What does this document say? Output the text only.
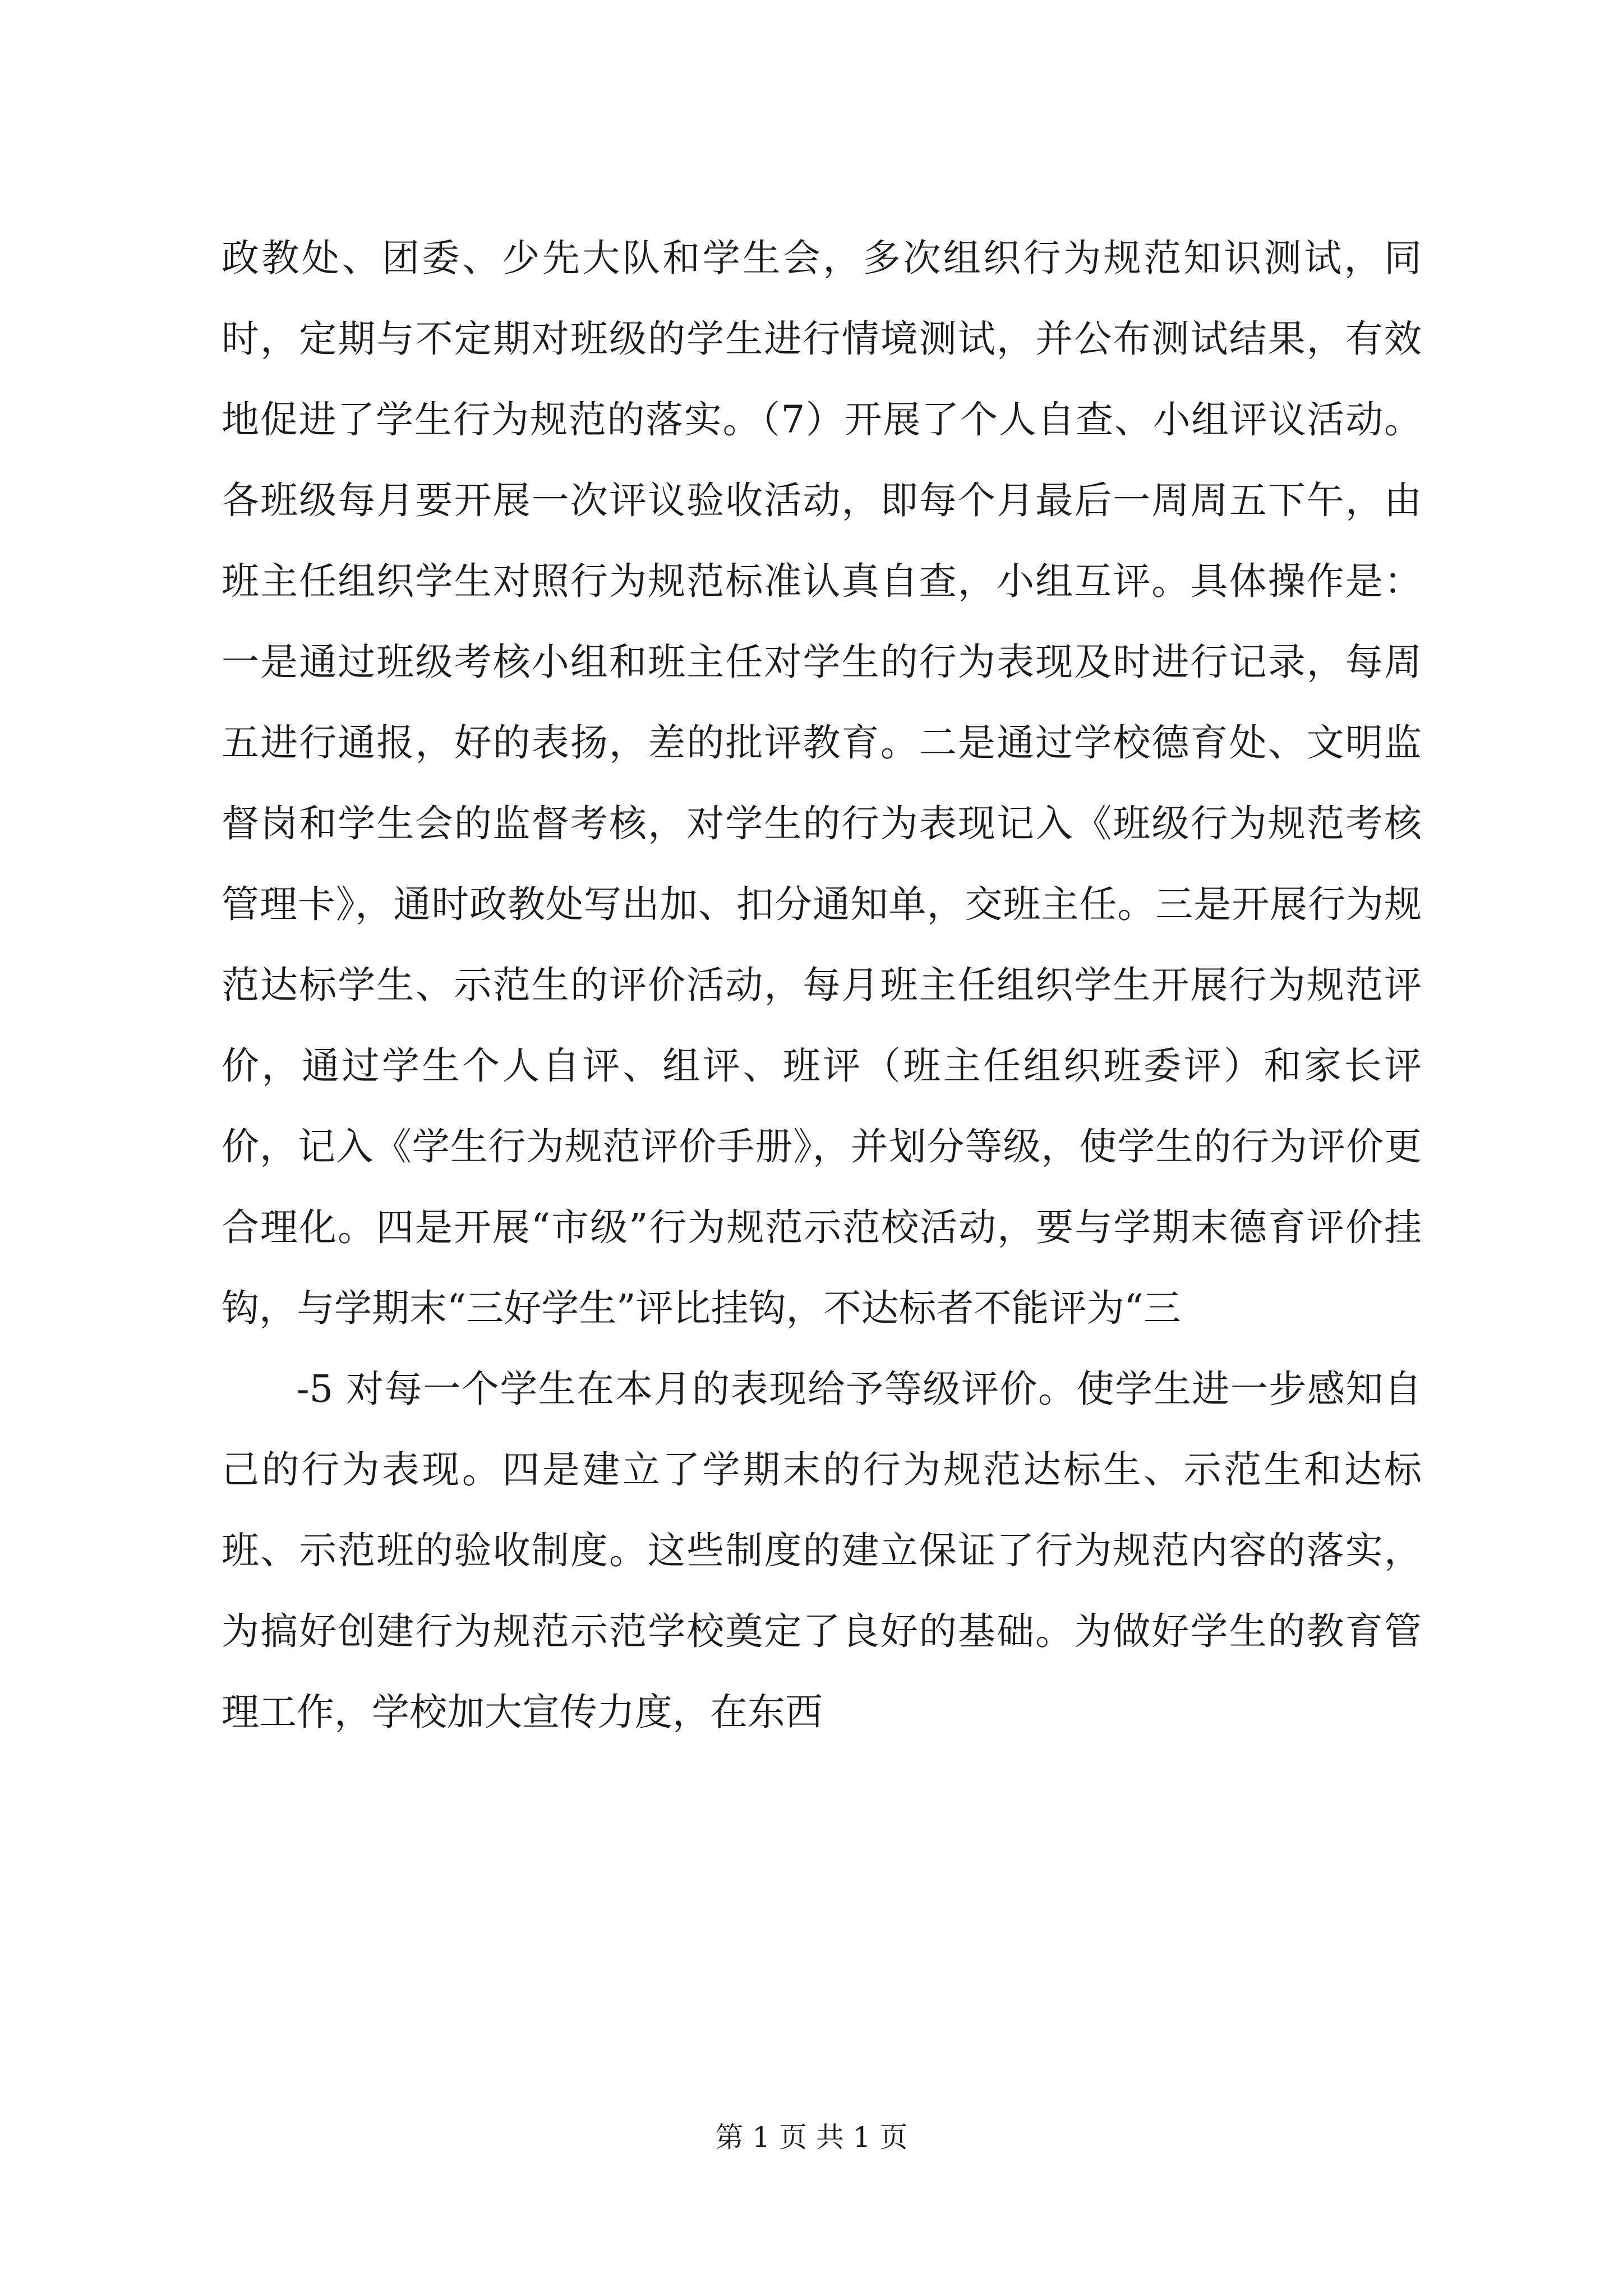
政教处、团委、少先大队和学生会，多次组织行为规范知识测试，同时，定期与不定期对班级的学生进行情境测试，并公布测试结果，有效地促进了学生行为规范的落实。（7）开展了个人自查、小组评议活动。各班级每月要开展一次评议验收活动，即每个月最后一周周五下午，由班主任组织学生对照行为规范标准认真自查，小组互评。具体操作是：一是通过班级考核小组和班主任对学生的行为表现及时进行记录，每周五进行通报，好的表扬，差的批评教育。二是通过学校德育处、文明监督岗和学生会的监督考核，对学生的行为表现记入《班级行为规范考核管理卡》，通时政教处写出加、扣分通知单，交班主任。三是开展行为规范达标学生、示范生的评价活动，每月班主任组织学生开展行为规范评价，通过学生个人自评、组评、班评（班主任组织班委评）和家长评价，记入《学生行为规范评价手册》，并划分等级，使学生的行为评价更合理化。四是开展“市级”行为规范示范校活动，要与学期末德育评价挂钩，与学期末“三好学生”评比挂钩，不达标者不能评为“三

-5 对每一个学生在本月的表现给予等级评价。使学生进一步感知自己的行为表现。四是建立了学期末的行为规范达标生、示范生和达标班、示范班的验收制度。这些制度的建立保证了行为规范内容的落实，为搞好创建行为规范示范学校奠定了良好的基础。为做好学生的教育管理工作，学校加大宣传力度，在东西

第 1 页 共 1 页
